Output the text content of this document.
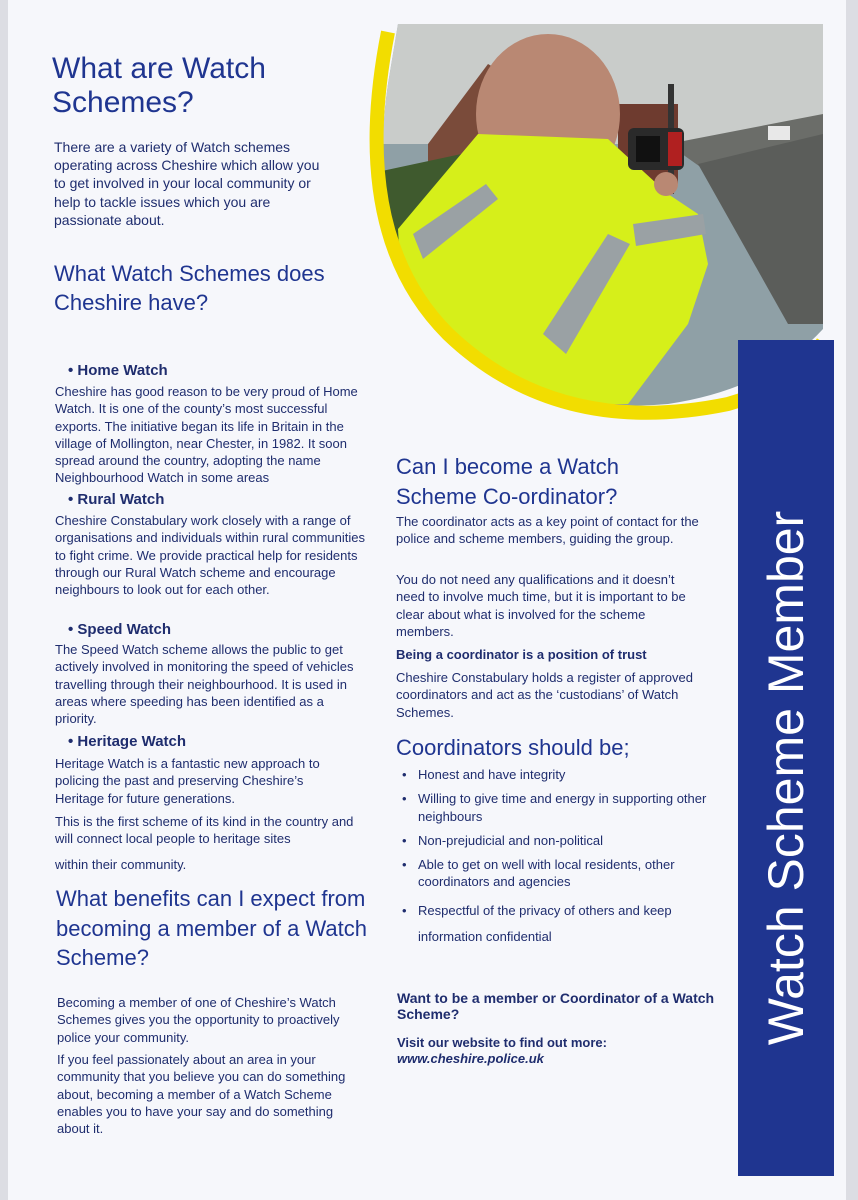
Watch Scheme Member
What are Watch Schemes?

There are a variety of Watch schemes operating across Cheshire which allow you to get involved in your local community or help to tackle issues which you are passionate about.

What Watch Schemes does Cheshire have?

• Home Watch

Cheshire has good reason to be very proud of Home Watch. It is one of the county’s most successful exports. The initiative began its life in Britain in the village of Mollington, near Chester, in 1982. It soon spread around the country, adopting the name Neighbourhood Watch in some areas

• Rural Watch

Cheshire Constabulary work closely with a range of organisations and individuals within rural communities to fight crime. We provide practical help for residents through our Rural Watch scheme and encourage neighbours to look out for each other.

• Speed Watch

The Speed Watch scheme allows the public to get actively involved in monitoring the speed of vehicles travelling through their neighbourhood. It is used in areas where speeding has been identified as a priority.

• Heritage Watch

Heritage Watch is a fantastic new approach to policing the past and preserving Cheshire’s Heritage for future generations.

This is the first scheme of its kind in the country and will connect local people to heritage sites

within their community.

What benefits can I expect from becoming a member of a Watch Scheme?

Becoming a member of one of Cheshire’s Watch Schemes gives you the opportunity to proactively police your community.

If you feel passionately about an area in your community that you believe you can do something about, becoming a member of a Watch Scheme enables you to have your say and do something about it.

Can I become a Watch Scheme Co-ordinator?

The coordinator acts as a key point of contact for the police and scheme members, guiding the group.

You do not need any qualifications and it doesn’t need to involve much time, but it is important to be clear about what is involved for the scheme members.

Being a coordinator is a position of trust

Cheshire Constabulary holds a register of approved coordinators and act as the ‘custodians’ of Watch Schemes.

Coordinators should be;
• Honest and have integrity
• Willing to give time and energy in supporting other neighbours
• Non-prejudicial and non-political
• Able to get on well with local residents, other coordinators and agencies
• Respectful of the privacy of others and keep information confidential

Want to be a member or Coordinator of a Watch Scheme?

Visit our website to find out more:

www.cheshire.police.uk
